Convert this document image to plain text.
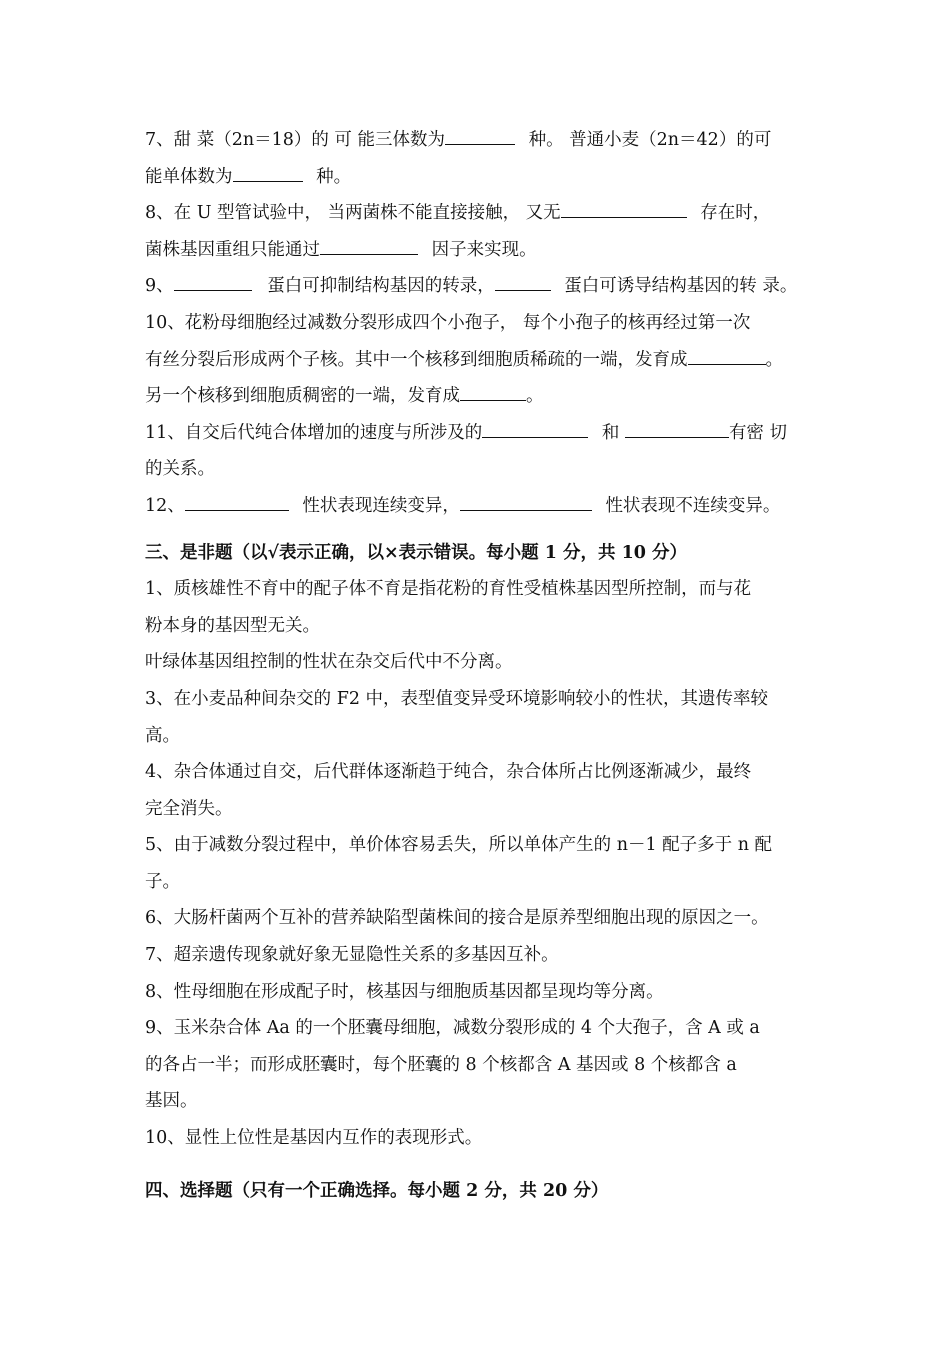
7、甜 菜（2n＝18）的 可 能三体数为	种。 普通小麦（2n＝42）的可
能单体数为	种。
8、在 U 型管试验中， 当两菌株不能直接接触， 又无	存在时，
菌株基因重组只能通过	因子来实现。
9、	蛋白可抑制结构基因的转录，	蛋白可诱导结构基因的转 录。
10、花粉母细胞经过减数分裂形成四个小孢子， 每个小孢子的核再经过第一次
有丝分裂后形成两个子核。其中一个核移到细胞质稀疏的一端，发育成	。
另一个核移到细胞质稠密的一端，发育成	。
11、自交后代纯合体增加的速度与所涉及的	和	有密 切
的关系。
12、	性状表现连续变异，	性状表现不连续变异。
三、是非题（以√表示正确，以×表示错误。每小题 1 分，共 10 分）
1、质核雄性不育中的配子体不育是指花粉的育性受植株基因型所控制，而与花
粉本身的基因型无关。
叶绿体基因组控制的性状在杂交后代中不分离。
3、在小麦品种间杂交的 F2 中，表型值变异受环境影响较小的性状，其遗传率较
高。
4、杂合体通过自交，后代群体逐渐趋于纯合，杂合体所占比例逐渐减少，最终
完全消失。
5、由于减数分裂过程中，单价体容易丢失，所以单体产生的 n－1 配子多于 n 配
子。
6、大肠杆菌两个互补的营养缺陷型菌株间的接合是原养型细胞出现的原因之一。
7、超亲遗传现象就好象无显隐性关系的多基因互补。
8、性母细胞在形成配子时，核基因与细胞质基因都呈现均等分离。
9、玉米杂合体 Aa 的一个胚囊母细胞，减数分裂形成的 4 个大孢子，含 A 或 a
的各占一半；而形成胚囊时，每个胚囊的 8 个核都含 A 基因或 8 个核都含 a
基因。
10、显性上位性是基因内互作的表现形式。
四、选择题（只有一个正确选择。每小题 2 分，共 20 分）
